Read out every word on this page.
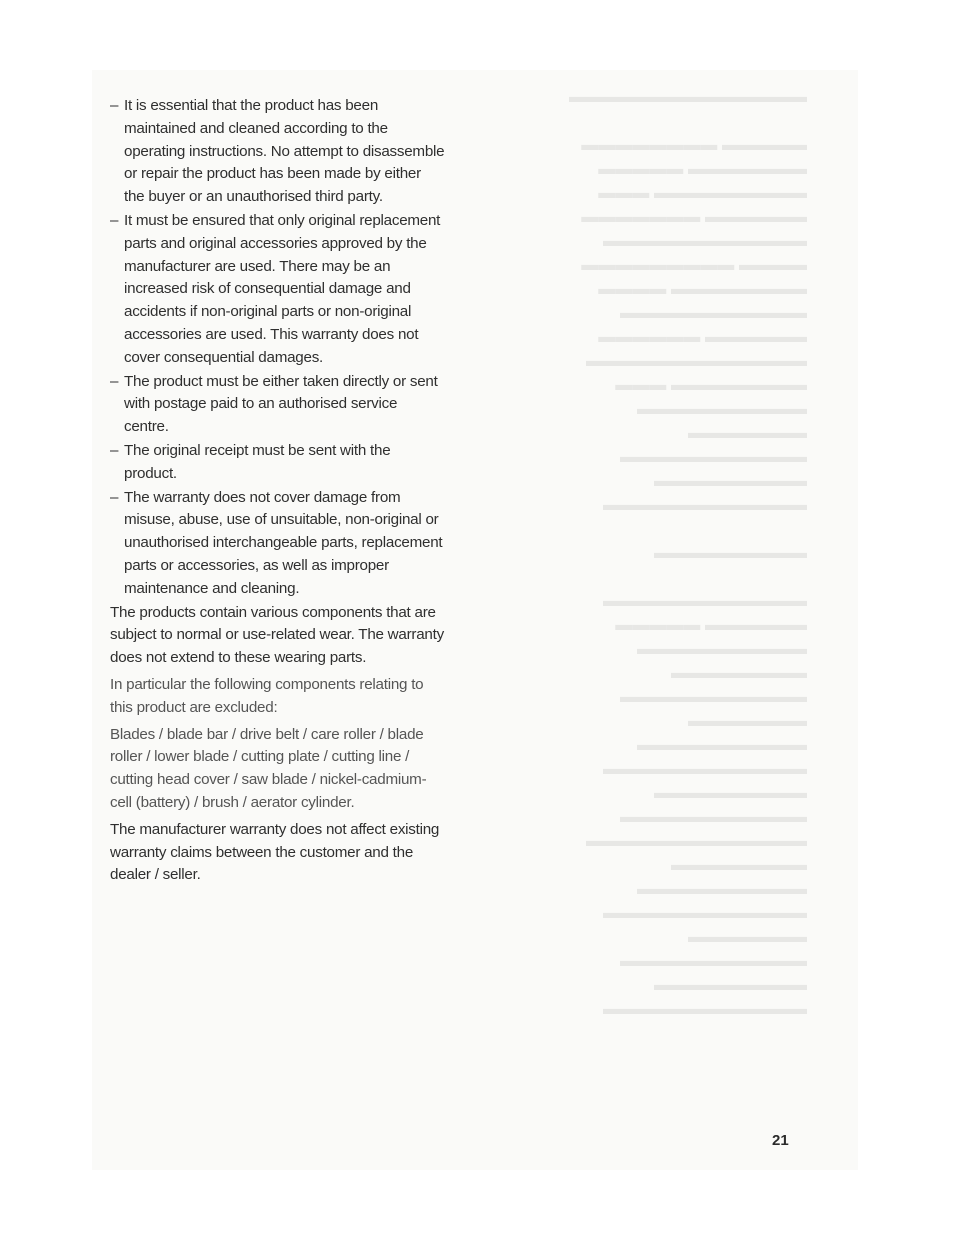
▬▬▬▬▬▬▬▬▬▬▬▬▬▬

▬▬▬▬▬ ▬▬▬▬▬▬▬▬
▬▬▬▬▬▬▬ ▬▬▬▬▬
▬▬▬▬▬▬▬▬▬ ▬▬▬
▬▬▬▬▬▬ ▬▬▬▬▬▬▬
▬▬▬▬▬▬▬▬▬▬▬▬
▬▬▬▬ ▬▬▬▬▬▬▬▬▬
▬▬▬▬▬▬▬▬ ▬▬▬▬
▬▬▬▬▬▬▬▬▬▬▬
▬▬▬▬▬▬ ▬▬▬▬▬▬
▬▬▬▬▬▬▬▬▬▬▬▬▬
▬▬▬▬▬▬▬▬ ▬▬▬
▬▬▬▬▬▬▬▬▬▬
▬▬▬▬▬▬▬
▬▬▬▬▬▬▬▬▬▬▬
▬▬▬▬▬▬▬▬▬
▬▬▬▬▬▬▬▬▬▬▬▬

▬▬▬▬▬▬▬▬▬

▬▬▬▬▬▬▬▬▬▬▬▬
▬▬▬▬▬▬ ▬▬▬▬▬
▬▬▬▬▬▬▬▬▬▬
▬▬▬▬▬▬▬▬
▬▬▬▬▬▬▬▬▬▬▬
▬▬▬▬▬▬▬
▬▬▬▬▬▬▬▬▬▬
▬▬▬▬▬▬▬▬▬▬▬▬
▬▬▬▬▬▬▬▬▬
▬▬▬▬▬▬▬▬▬▬▬
▬▬▬▬▬▬▬▬▬▬▬▬▬
▬▬▬▬▬▬▬▬
▬▬▬▬▬▬▬▬▬▬
▬▬▬▬▬▬▬▬▬▬▬▬
▬▬▬▬▬▬▬
▬▬▬▬▬▬▬▬▬▬▬
▬▬▬▬▬▬▬▬▬
▬▬▬▬▬▬▬▬▬▬▬▬
– It is essential that the product has been maintained and cleaned according to the operating instructions. No attempt to disassemble or repair the product has been made by either the buyer or an unauthorised third party.
– It must be ensured that only original replacement parts and original accessories approved by the manufacturer are used. There may be an increased risk of consequential damage and accidents if non-original parts or non-original accessories are used. This warranty does not cover consequential damages.
– The product must be either taken directly or sent with postage paid to an authorised service centre.
– The original receipt must be sent with the product.
– The warranty does not cover damage from misuse, abuse, use of unsuitable, non-original or unauthorised interchangeable parts, replacement parts or accessories, as well as improper maintenance and cleaning.

The products contain various components that are subject to normal or use-related wear. The warranty does not extend to these wearing parts.

In particular the following components relating to this product are excluded:

Blades / blade bar / drive belt / care roller / blade roller / lower blade / cutting plate / cutting line / cutting head cover / saw blade / nickel-cadmium-cell (battery) / brush / aerator cylinder.

The manufacturer warranty does not affect existing warranty claims between the customer and the dealer / seller.

21
